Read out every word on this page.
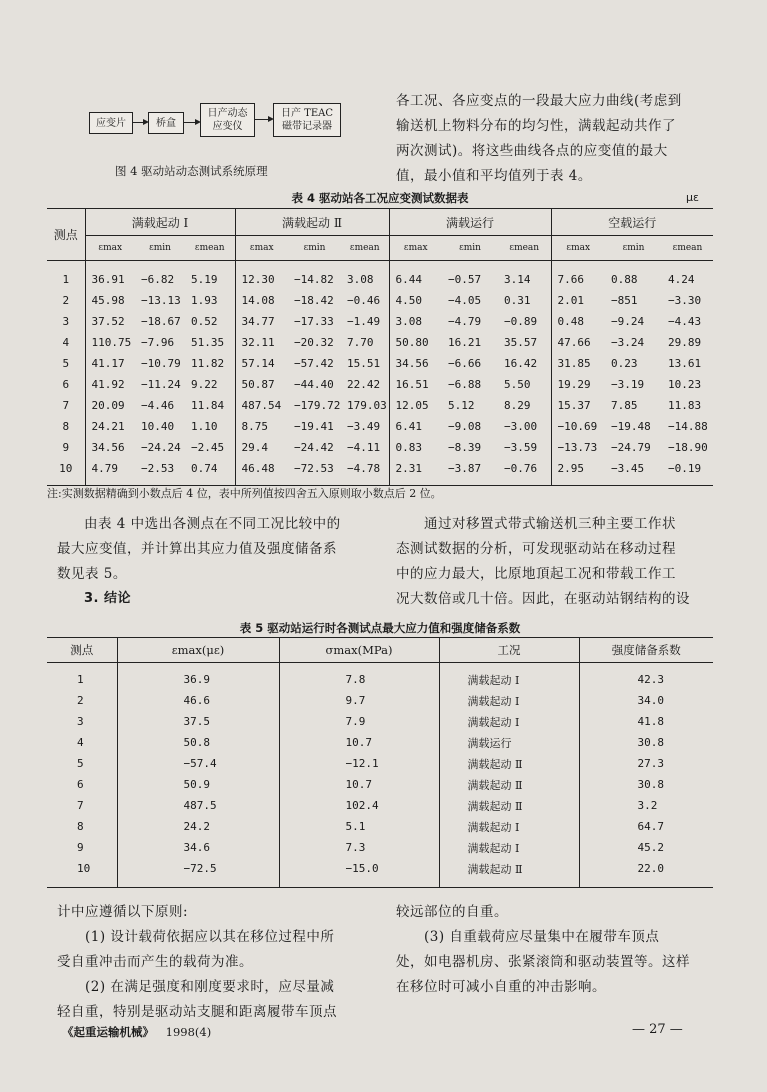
应变片	桥盒
日产动态
应变仪
日产 TEAC
磁带记录器
图 4 驱动站动态测试系统原理
各工况、各应变点的一段最大应力曲线(考虑到
输送机上物料分布的均匀性，满载起动共作了
两次测试)。将这些曲线各点的应变值的最大
值，最小值和平均值列于表 4。
表 4 驱动站各工况应变测试数据表	με
测点	满载起动 Ⅰ			满载起动 Ⅱ			满载运行			空载运行		
	εmax	εmin	εmean	εmax	εmin	εmean	εmax	εmin	εmean	εmax	εmin	εmean

1	36.91	−6.82	5.19	12.30	−14.82	3.08	6.44	−0.57	3.14	7.66	0.88	4.24
2	45.98	−13.13	1.93	14.08	−18.42	−0.46	4.50	−4.05	0.31	2.01	−851	−3.30
3	37.52	−18.67	0.52	34.77	−17.33	−1.49	3.08	−4.79	−0.89	0.48	−9.24	−4.43
4	110.75	−7.96	51.35	32.11	−20.32	7.70	50.80	16.21	35.57	47.66	−3.24	29.89
5	41.17	−10.79	11.82	57.14	−57.42	15.51	34.56	−6.66	16.42	31.85	0.23	13.61
6	41.92	−11.24	9.22	50.87	−44.40	22.42	16.51	−6.88	5.50	19.29	−3.19	10.23
7	20.09	−4.46	11.84	487.54	−179.72	179.03	12.05	5.12	8.29	15.37	7.85	11.83
8	24.21	10.40	1.10	8.75	−19.41	−3.49	6.41	−9.08	−3.00	−10.69	−19.48	−14.88
9	34.56	−24.24	−2.45	29.4	−24.42	−4.11	0.83	−8.39	−3.59	−13.73	−24.79	−18.90
10	4.79	−2.53	0.74	46.48	−72.53	−4.78	2.31	−3.87	−0.76	2.95	−3.45	−0.19

注:实测数据精确到小数点后 4 位，表中所列值按四舍五入原则取小数点后 2 位。
由表 4 中选出各测点在不同工况比较中的
最大应变值，并计算出其应力值及强度储备系
数见表 5。
3. 结论
通过对移置式带式输送机三种主要工作状
态测试数据的分析，可发现驱动站在移动过程
中的应力最大，比原地頂起工况和带载工作工
况大数倍或几十倍。因此，在驱动站钢结构的设
表 5 驱动站运行时各测试点最大应力值和强度储备系数
测点	εmax(με)	σmax(MPa)	工况	强度储备系数

1	36.9	7.8	满载起动 Ⅰ	42.3
2	46.6	9.7	满载起动 Ⅰ	34.0
3	37.5	7.9	满载起动 Ⅰ	41.8
4	50.8	10.7	满载运行	30.8
5	−57.4	−12.1	满载起动 Ⅱ	27.3
6	50.9	10.7	满载起动 Ⅱ	30.8
7	487.5	102.4	满载起动 Ⅱ	3.2
8	24.2	5.1	满载起动 Ⅰ	64.7
9	34.6	7.3	满载起动 Ⅰ	45.2
10	−72.5	−15.0	满载起动 Ⅱ	22.0

计中应遵循以下原则:
(1) 设计载荷依据应以其在移位过程中所
受自重冲击而产生的载荷为准。
(2) 在满足强度和刚度要求时，应尽量减
轻自重，特别是驱动站支腿和距离履带车顶点
较远部位的自重。
(3) 自重载荷应尽量集中在履带车顶点
处，如电器机房、张紧滚筒和驱动装置等。这样
在移位时可减小自重的冲击影响。
《起重运输机械》 1998(4)	— 27 —
